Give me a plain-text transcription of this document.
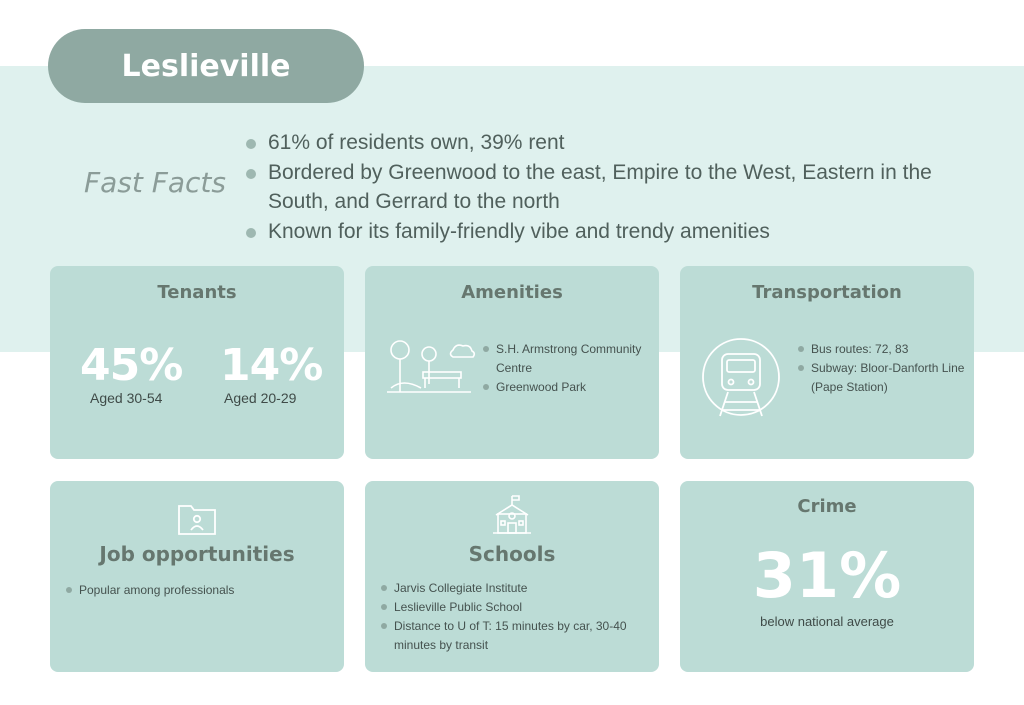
Leslieville
Fast Facts
61% of residents own, 39% rent
Bordered by Greenwood to the east, Empire to the West, Eastern in the South, and Gerrard to the north
Known for its family-friendly vibe and trendy amenities
Tenants
45%
Aged 30-54
14%
Aged 20-29
Amenities
S.H. Armstrong Community Centre
Greenwood Park
Transportation
Bus routes: 72, 83
Subway: Bloor-Danforth Line (Pape Station)
Job opportunities
Popular among professionals
Schools
Jarvis Collegiate Institute
Leslieville Public School
Distance to U of T: 15 minutes by car, 30-40 minutes by transit
Crime
31%
below national average
